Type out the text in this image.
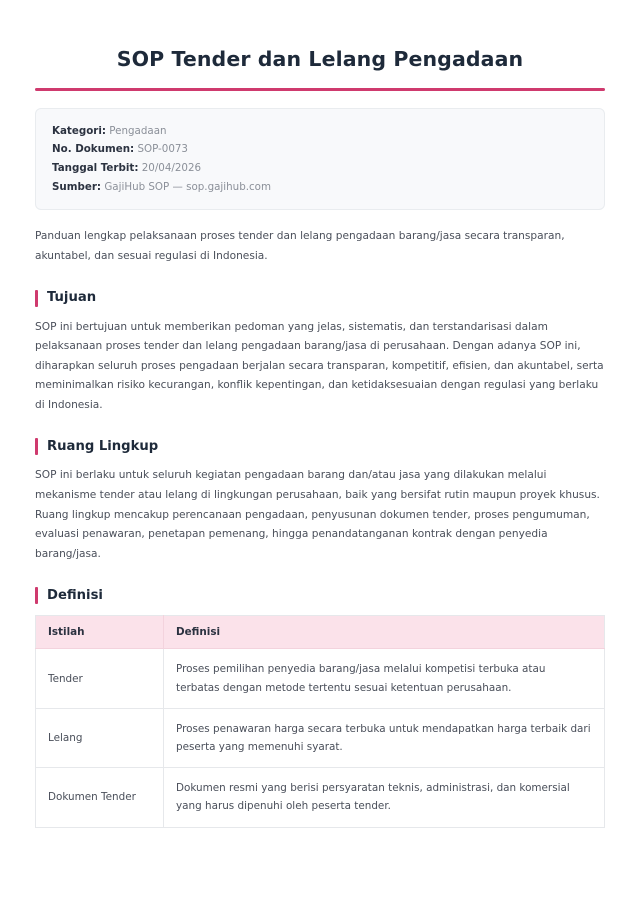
SOP Tender dan Lelang Pengadaan
Kategori: Pengadaan
No. Dokumen: SOP-0073
Tanggal Terbit: 20/04/2026
Sumber: GajiHub SOP — sop.gajihub.com

Panduan lengkap pelaksanaan proses tender dan lelang pengadaan barang/jasa secara transparan, akuntabel, dan sesuai regulasi di Indonesia.

Tujuan

SOP ini bertujuan untuk memberikan pedoman yang jelas, sistematis, dan terstandarisasi dalam pelaksanaan proses tender dan lelang pengadaan barang/jasa di perusahaan. Dengan adanya SOP ini, diharapkan seluruh proses pengadaan berjalan secara transparan, kompetitif, efisien, dan akuntabel, serta meminimalkan risiko kecurangan, konflik kepentingan, dan ketidaksesuaian dengan regulasi yang berlaku di Indonesia.

Ruang Lingkup

SOP ini berlaku untuk seluruh kegiatan pengadaan barang dan/atau jasa yang dilakukan melalui mekanisme tender atau lelang di lingkungan perusahaan, baik yang bersifat rutin maupun proyek khusus. Ruang lingkup mencakup perencanaan pengadaan, penyusunan dokumen tender, proses pengumuman, evaluasi penawaran, penetapan pemenang, hingga penandatanganan kontrak dengan penyedia barang/jasa.

Definisi
Istilah	Definisi
Tender	Proses pemilihan penyedia barang/jasa melalui kompetisi terbuka atau terbatas dengan metode tertentu sesuai ketentuan perusahaan.
Lelang	Proses penawaran harga secara terbuka untuk mendapatkan harga terbaik dari peserta yang memenuhi syarat.
Dokumen Tender	Dokumen resmi yang berisi persyaratan teknis, administrasi, dan komersial yang harus dipenuhi oleh peserta tender.
